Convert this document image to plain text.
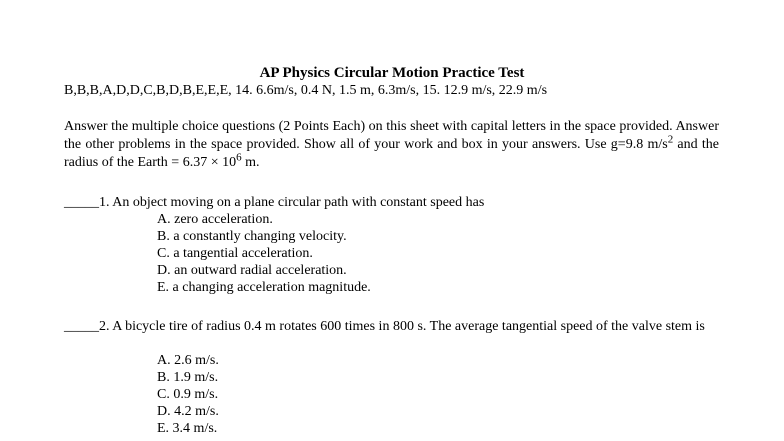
AP Physics Circular Motion Practice Test
B,B,B,A,D,D,C,B,D,B,E,E,E, 14. 6.6m/s, 0.4 N, 1.5 m, 6.3m/s, 15. 12.9 m/s, 22.9 m/s
Answer the multiple choice questions (2 Points Each) on this sheet with capital letters in the space provided. Answer the other problems in the space provided. Show all of your work and box in your answers. Use g=9.8 $m/s^2$ and the radius of the Earth = $6.37 \times 10^6$ m.
_____1. An object moving on a plane circular path with constant speed has
A. zero acceleration.
B. a constantly changing velocity.
C. a tangential acceleration.
D. an outward radial acceleration.
E. a changing acceleration magnitude.
_____2. A bicycle tire of radius 0.4 m rotates 600 times in 800 s. The average tangential speed of the valve stem is
A. 2.6 m/s.
B. 1.9 m/s.
C. 0.9 m/s.
D. 4.2 m/s.
E. 3.4 m/s.
